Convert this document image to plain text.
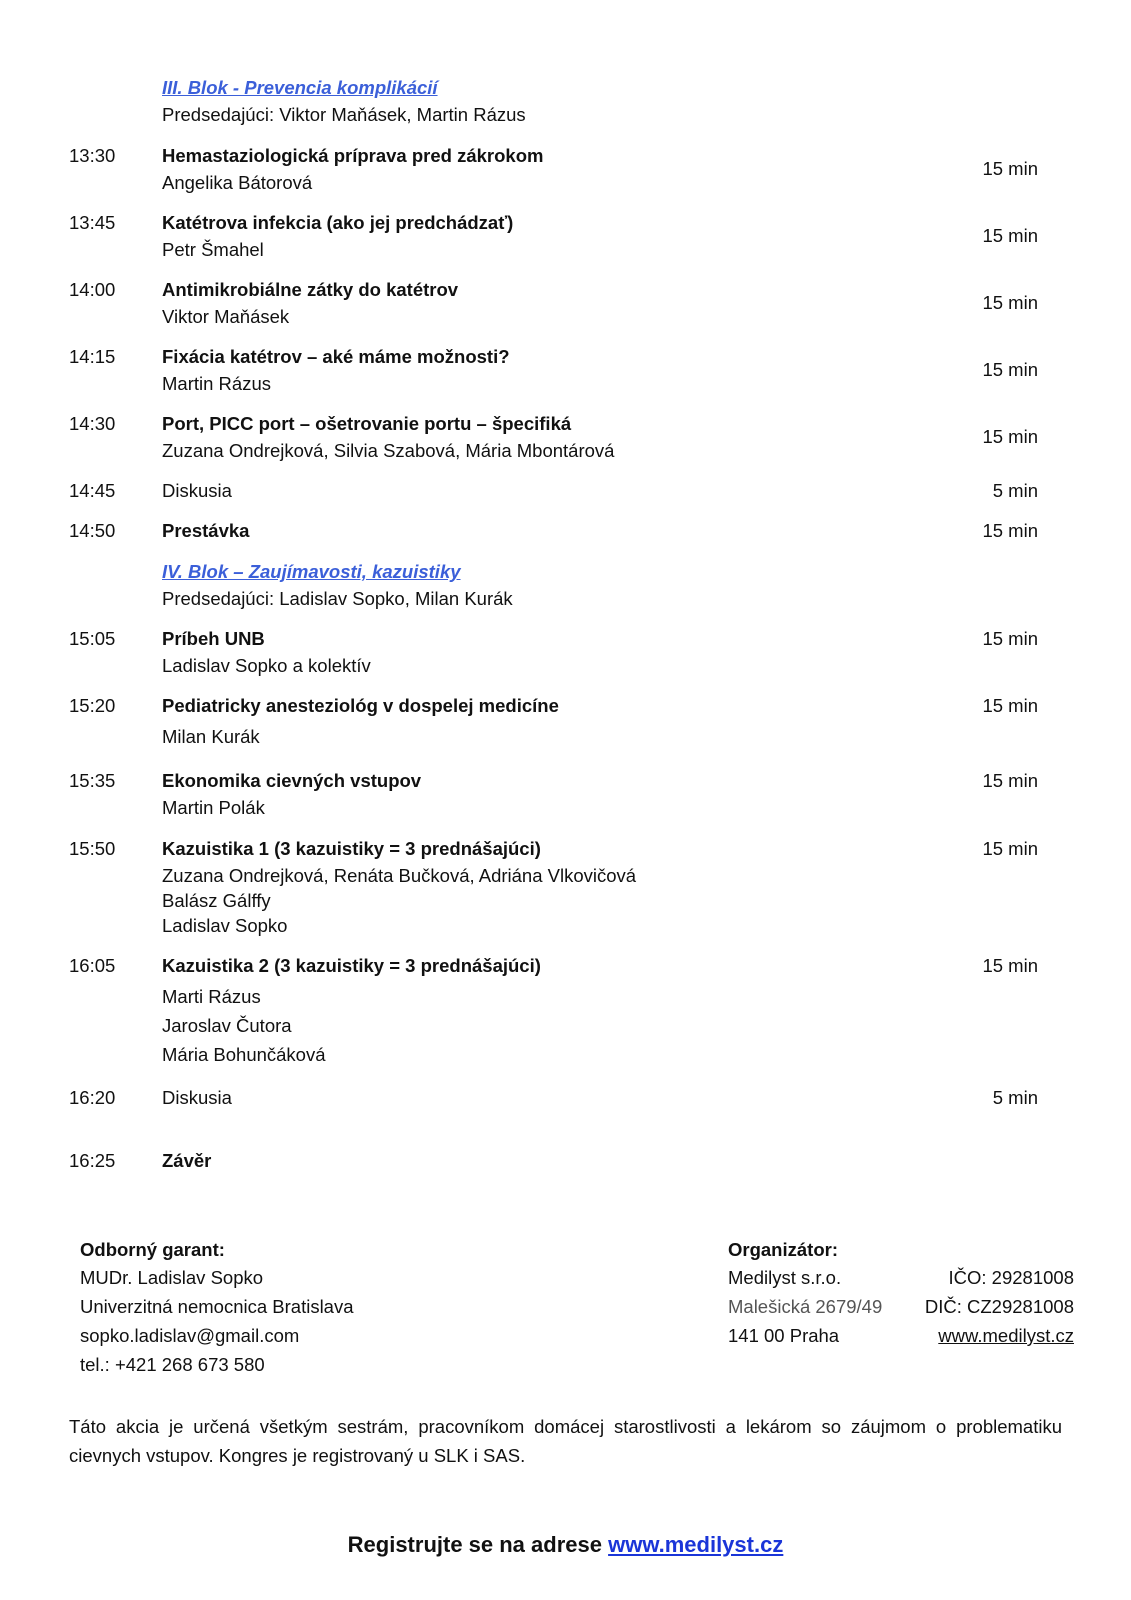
III. Blok - Prevencia komplikácií
Predsedajúci: Viktor Maňásek, Martin Rázus
13:30	Hemastaziologická príprava pred zákrokom
Angelika Bátorová
15 min
13:45	Katétrova infekcia (ako jej predchádzať)
Petr Šmahel
15 min
14:00	Antimikrobiálne zátky do katétrov
Viktor Maňásek
15 min
14:15	Fixácia katétrov – aké máme možnosti?
Martin Rázus
15 min
14:30	Port, PICC port – ošetrovanie portu – špecifiká
Zuzana Ondrejková, Silvia Szabová, Mária Mbontárová
15 min
14:45	Diskusia	5 min
14:50	Prestávka	15 min
IV. Blok – Zaujímavosti, kazuistiky
Predsedajúci: Ladislav Sopko, Milan Kurák
15:05	Príbeh UNB
Ladislav Sopko a kolektív
15 min
15:20	Pediatricky anesteziológ v dospelej medicíne
Milan Kurák
15 min
15:35	Ekonomika cievných vstupov
Martin Polák
15 min
15:50	Kazuistika 1 (3 kazuistiky = 3 prednášajúci)
Zuzana Ondrejková, Renáta Bučková, Adriána Vlkovičová
Balász Gálffy
Ladislav Sopko
15 min
16:05	Kazuistika 2 (3 kazuistiky = 3 prednášajúci)
Marti Rázus
Jaroslav Čutora
Mária Bohunčáková
15 min
16:20	Diskusia	5 min
16:25	Závěr
Odborný garant:
MUDr. Ladislav Sopko
Univerzitná nemocnica Bratislava
sopko.ladislav@gmail.com
tel.: +421 268 673 580
Organizátor:
Medilyst s.r.o.
Malešická 2679/49
141 00 Praha
IČO: 29281008
DIČ: CZ29281008
www.medilyst.cz
Táto akcia je určená všetkým sestrám, pracovníkom domácej starostlivosti a lekárom so záujmom o problematiku cievnych vstupov. Kongres je registrovaný u SLK i SAS.
Registrujte se na adrese www.medilyst.cz
